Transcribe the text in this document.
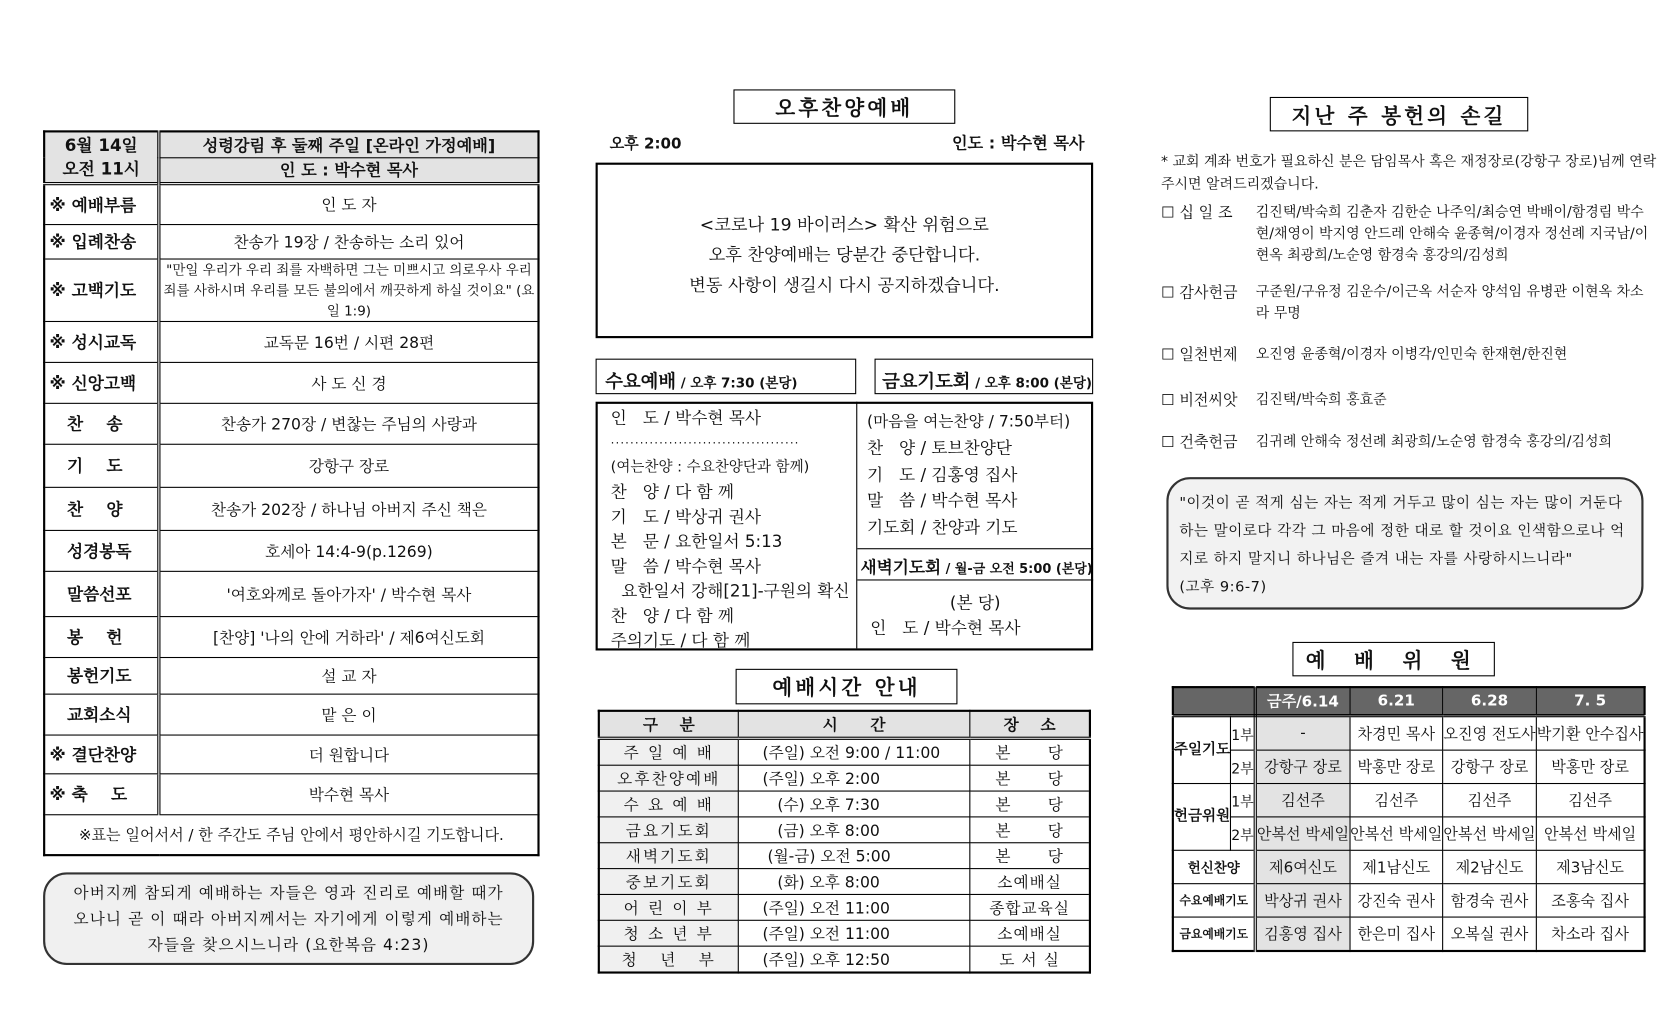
6월 14일
오전 11시	성령강림 후 둘째 주일 [온라인 가정예배]
	인 도 : 박수현 목사
※ 예배부름	인 도 자
※ 입례찬송	찬송가 19장 / 찬송하는 소리 있어
※ 고백기도	"만일 우리가 우리 죄를 자백하면 그는 미쁘시고 의로우사 우리 죄를 사하시며 우리를 모든 불의에서 깨끗하게 하실 것이요" (요일 1:9)
※ 성시교독	교독문 16번 / 시편 28편
※ 신앙고백	사 도 신 경
찬    송	찬송가 270장 / 변찮는 주님의 사랑과
기    도	강항구 장로
찬    양	찬송가 202장 / 하나님 아버지 주신 책은
성경봉독	호세아 14:4-9(p.1269)
말씀선포	'여호와께로 돌아가자' / 박수현 목사
봉    헌	[찬양] '나의 안에 거하라' / 제6여신도회
봉헌기도	설 교 자
교회소식	맡 은 이
※ 결단찬양	더 원합니다
※ 축    도	박수현 목사
※표는 일어서서 / 한 주간도 주님 안에서 평안하시길 기도합니다.	
아버지께 참되게 예배하는 자들은 영과 진리로 예배할 때가
오나니 곧 이 때라 아버지께서는 자기에게 이렇게 예배하는
자들을 찾으시느니라 (요한복음 4:23)
오후찬양예배
오후 2:00	인도 : 박수현 목사
<코로나 19 바이러스> 확산 위험으로
오후 찬양예배는 당분간 중단합니다.
변동 사항이 생길시 다시 공지하겠습니다.
수요예배 / 오후 7:30 (본당)	금요기도회 / 오후 8:00 (본당)
인   도 / 박수현 목사
·······································
(여는찬양 : 수요찬양단과 함께)
찬   양 / 다 함 께
기   도 / 박상귀 권사
본   문 / 요한일서 5:13
말   씀 / 박수현 목사
요한일서 강해[21]-구원의 확신
찬   양 / 다 함 께
주의기도 / 다 함 께
(마음을 여는찬양 / 7:50부터)
찬   양 / 토브찬양단
기   도 / 김홍영 집사
말   씀 / 박수현 목사
기도회 / 찬양과 기도
새벽기도회 / 월-금 오전 5:00 (본당)
(본 당)
인   도 / 박수현 목사
예배시간 안내
구    분	시      간	장    소
주 일 예 배	(주일) 오전 9:00 / 11:00	본      당
오후찬양예배	(주일) 오후 2:00	본      당
수 요 예 배	(수) 오후 7:30	본      당
금요기도회	(금) 오후 8:00	본      당
새벽기도회	(월-금) 오전 5:00	본      당
중보기도회	(화) 오후 8:00	소예배실
어 린 이 부	(주일) 오전 11:00	종합교육실
청 소 년 부	(주일) 오전 11:00	소예배실
청   년   부	(주일) 오후 12:50	도 서 실
지난 주 봉헌의 손길
* 교회 계좌 번호가 필요하신 분은 담임목사 혹은 재정장로(강항구 장로)님께 연락주시면 알려드리겠습니다.
☐ 십 일 조	김진택/박숙희 김춘자 김한순 나주익/최승연 박배이/함경림 박수현/채영이 박지영 안드레 안해숙 윤종혁/이경자 정선례 지국남/이현옥 최광희/노순영 함경숙 홍강의/김성희
☐ 감사헌금	구준원/구유정 김운수/이근옥 서순자 양석임 유병관 이현옥 차소라 무명
☐ 일천번제	오진영 윤종혁/이경자 이병각/인민숙 한재현/한진현
☐ 비전씨앗	김진택/박숙희 홍효준
☐ 건축헌금	김귀례 안해숙 정선례 최광희/노순영 함경숙 홍강의/김성희
"이것이 곧 적게 심는 자는 적게 거두고 많이 심는 자는 많이 거둔다 하는 말이로다 각각 그 마음에 정한 대로 할 것이요 인색함으로나 억지로 하지 말지니 하나님은 즐겨 내는 자를 사랑하시느니라"
(고후 9:6-7)
예 배 위 원
		금주/6.14	6.21	6.28	7. 5
주일기도	1부	-	차경민 목사	오진영 전도사	박기환 안수집사
	2부	강항구 장로	박홍만 장로	강항구 장로	박홍만 장로
헌금위원	1부	김선주	김선주	김선주	김선주
	2부	안복선 박세일	안복선 박세일	안복선 박세일	안복선 박세일
헌신찬양		제6여신도	제1남신도	제2남신도	제3남신도
수요예배기도		박상귀 권사	강진숙 권사	함경숙 권사	조홍숙 집사
금요예배기도		김홍영 집사	한은미 집사	오복실 권사	차소라 집사
